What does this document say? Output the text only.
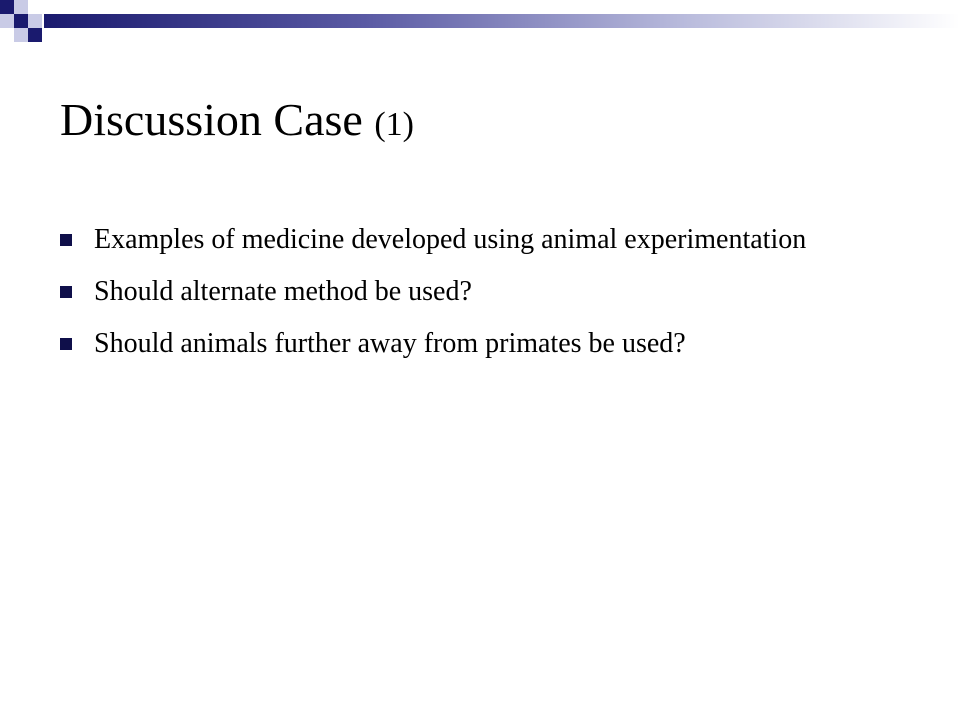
Discussion Case (1)
Examples of medicine developed using animal experimentation
Should alternate method be used?
Should animals further away from primates be used?
